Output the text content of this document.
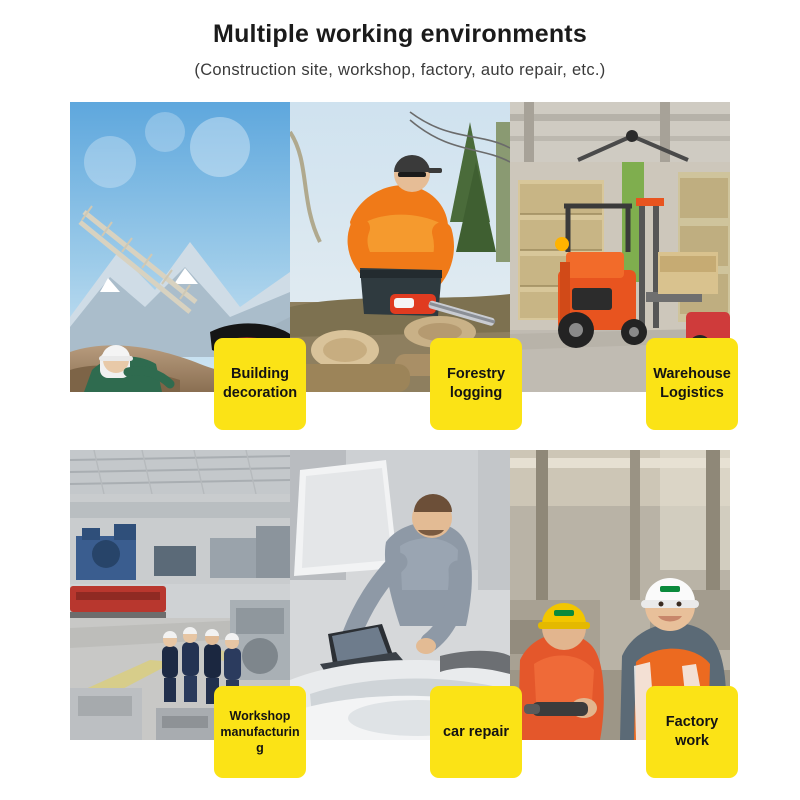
Multiple working environments

(Construction site, workshop, factory, auto repair, etc.)

Building decoration
Forestry logging
Warehouse Logistics
Workshop manufacturing
car repair
Factory work
